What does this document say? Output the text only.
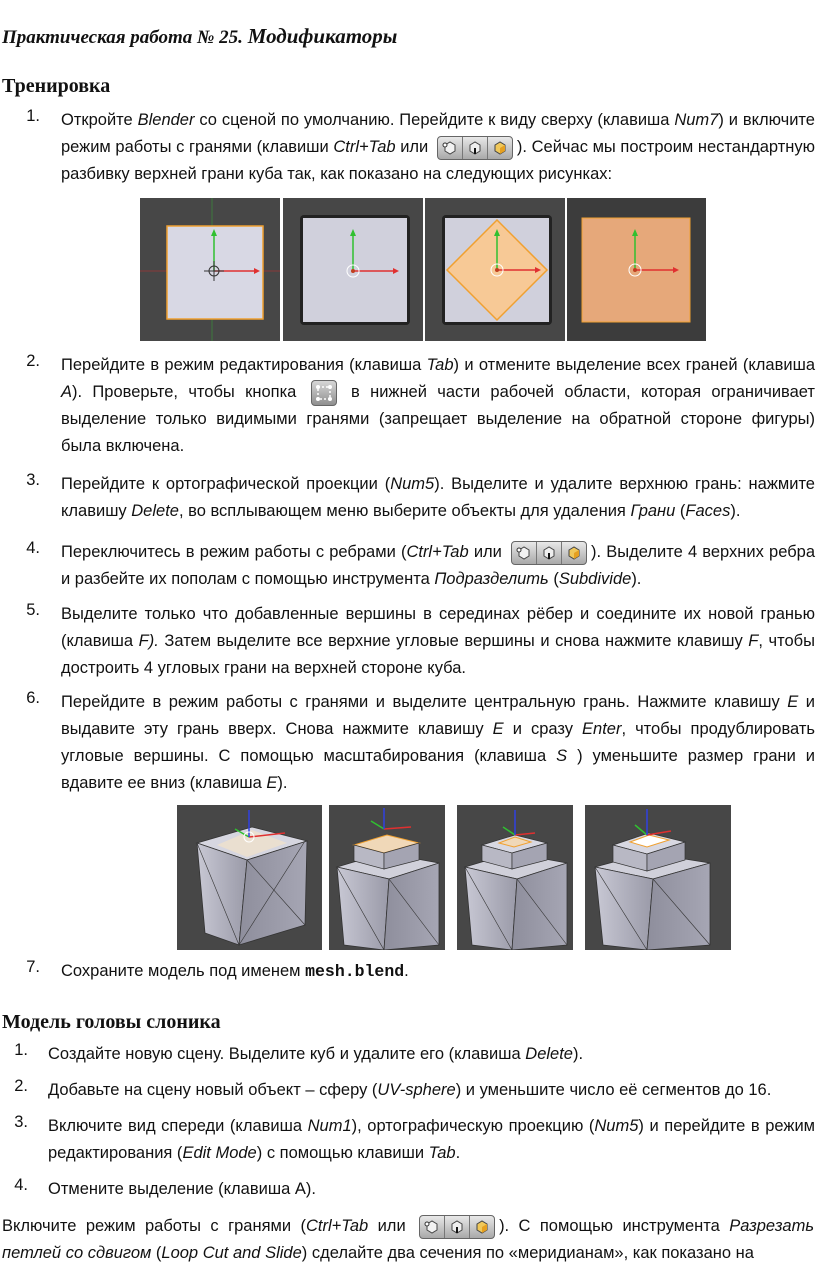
Практическая работа № 25. Модификаторы
Тренировка
1. Откройте Blender со сценой по умолчанию. Перейдите к виду сверху (клавиша Num7) и включите режим работы с гранями (клавиши Ctrl+Tab или	). Сейчас мы построим нестандартную разбивку верхней грани куба так, как показано на следующих рисунках:
2. Перейдите в режим редактирования (клавиша Tab) и отмените выделение всех граней (клавиша A). Проверьте, чтобы кнопка
в нижней части рабочей области, которая ограничивает выделение только видимыми гранями (запрещает выделение на обратной стороне фигуры) была включена.
3. Перейдите к ортографической проекции (Num5). Выделите и удалите верхнюю грань: нажмите клавишу Delete, во всплывающем меню выберите объекты для удаления Грани (Faces).
4. Переключитесь в режим работы с ребрами (Ctrl+Tab или	). Выделите 4 верхних ребра и разбейте их пополам с помощью инструмента Подразделить (Subdivide).
5. Выделите только что добавленные вершины в серединах рёбер и соедините их новой гранью (клавиша F). Затем выделите все верхние угловые вершины и снова нажмите клавишу F, чтобы достроить 4 угловых грани на верхней стороне куба.
6. Перейдите в режим работы с гранями и выделите центральную грань. Нажмите клавишу E и выдавите эту грань вверх. Снова нажмите клавишу E и сразу Enter, чтобы продублировать угловые вершины. С помощью масштабирования (клавиша S ) уменьшите размер грани и вдавите ее вниз (клавиша E).
7. Сохраните модель под именем mesh.blend.
Модель головы слоника
1. Создайте новую сцену. Выделите куб и удалите его (клавиша Delete).
2. Добавьте на сцену новый объект – сферу (UV-sphere) и уменьшите число её сегментов до 16.
3. Включите вид спереди (клавиша Num1), ортографическую проекцию (Num5) и перейдите в режим редактирования (Edit Mode) с помощью клавиши Tab.
4. Отмените выделение (клавиша А).
Включите режим работы с гранями (Ctrl+Tab или	). С помощью инструмента Разрезать петлей со сдвигом (Loop Cut and Slide) сделайте два сечения по «меридианам», как показано на
